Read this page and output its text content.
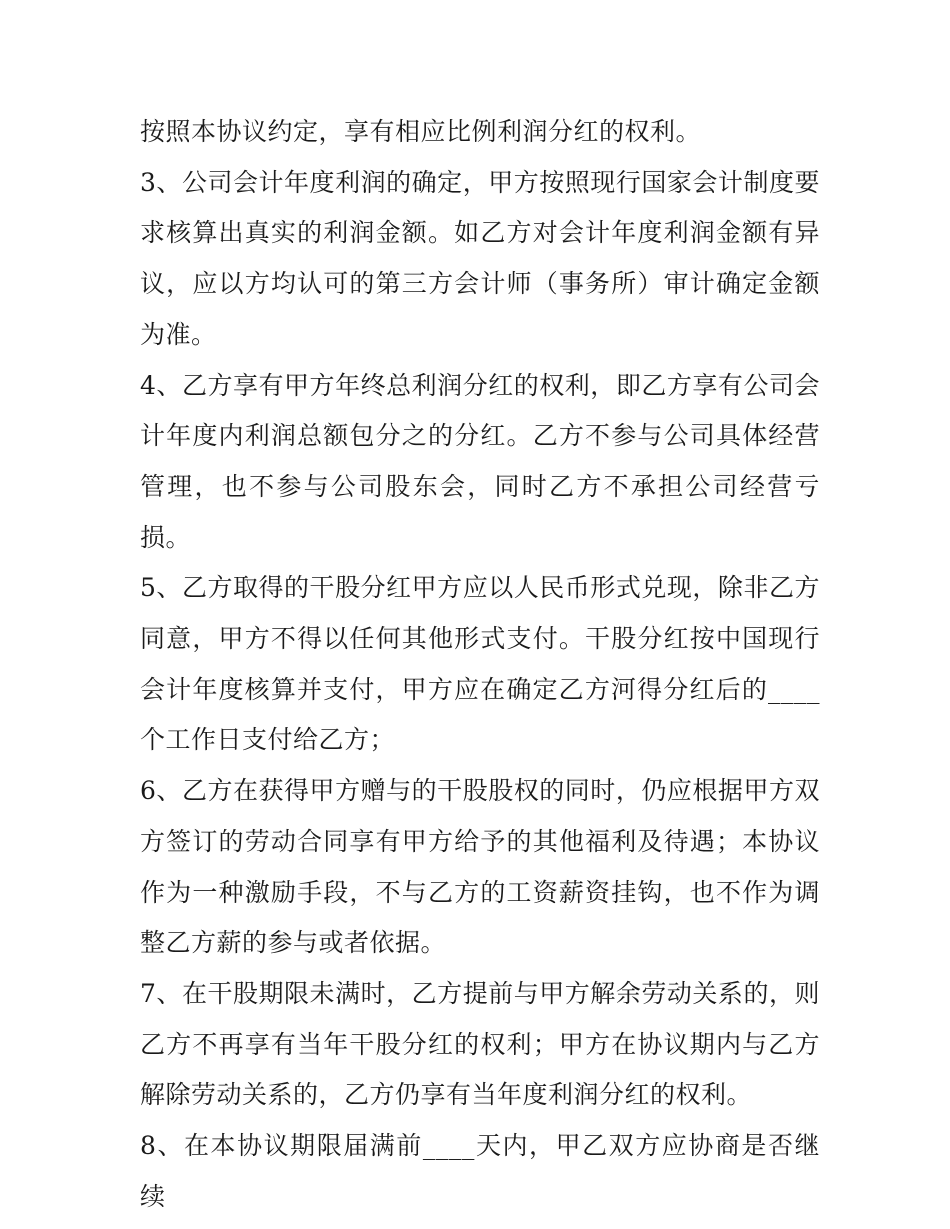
按照本协议约定，享有相应比例利润分红的权利。

3、公司会计年度利润的确定，甲方按照现行国家会计制度要求核算出真实的利润金额。如乙方对会计年度利润金额有异议，应以方均认可的第三方会计师（事务所）审计确定金额为准。

4、乙方享有甲方年终总利润分红的权利，即乙方享有公司会计年度内利润总额包分之的分红。乙方不参与公司具体经营管理，也不参与公司股东会，同时乙方不承担公司经营亏损。

5、乙方取得的干股分红甲方应以人民币形式兑现，除非乙方同意，甲方不得以任何其他形式支付。干股分红按中国现行会计年度核算并支付，甲方应在确定乙方河得分红后的____个工作日支付给乙方；

6、乙方在获得甲方赠与的干股股权的同时，仍应根据甲方双方签订的劳动合同享有甲方给予的其他福利及待遇；本协议作为一种激励手段，不与乙方的工资薪资挂钩，也不作为调整乙方薪的参与或者依据。

7、在干股期限未满时，乙方提前与甲方解余劳动关系的，则乙方不再享有当年干股分红的权利；甲方在协议期内与乙方解除劳动关系的，乙方仍享有当年度利润分红的权利。

8、在本协议期限届满前____天内，甲乙双方应协商是否继续
